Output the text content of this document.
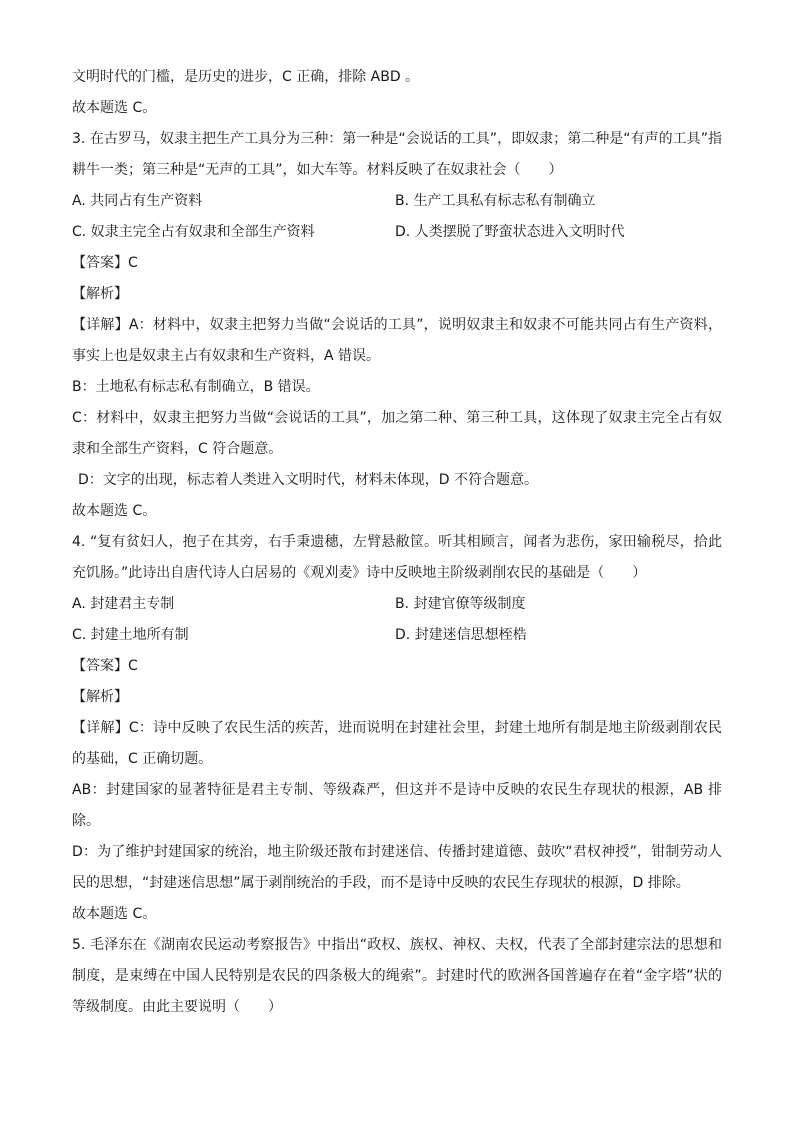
文明时代的门槛，是历史的进步，C 正确，排除 ABD 。
故本题选 C。
3. 在古罗马，奴隶主把生产工具分为三种：第一种是“会说话的工具”，即奴隶；第二种是“有声的工具”指耕牛一类；第三种是“无声的工具”，如大车等。材料反映了在奴隶社会（　　）
A. 共同占有生产资料	B. 生产工具私有标志私有制确立
C. 奴隶主完全占有奴隶和全部生产资料	D. 人类摆脱了野蛮状态进入文明时代
【答案】C
【解析】
【详解】A：材料中，奴隶主把努力当做“会说话的工具”，说明奴隶主和奴隶不可能共同占有生产资料，事实上也是奴隶主占有奴隶和生产资料，A 错误。
B：土地私有标志私有制确立，B 错误。
C：材料中，奴隶主把努力当做“会说话的工具”，加之第二种、第三种工具，这体现了奴隶主完全占有奴隶和全部生产资料，C 符合题意。
D：文字的出现，标志着人类进入文明时代，材料未体现，D 不符合题意。
故本题选 C。
4. “复有贫妇人，抱子在其旁，右手秉遗穗，左臂悬敝筐。听其相顾言，闻者为悲伤，家田输税尽，拾此充饥肠。”此诗出自唐代诗人白居易的《观刈麦》诗中反映地主阶级剥削农民的基础是（　　）
A. 封建君主专制	B. 封建官僚等级制度
C. 封建土地所有制	D. 封建迷信思想桎梏
【答案】C
【解析】
【详解】C：诗中反映了农民生活的疾苦，进而说明在封建社会里，封建土地所有制是地主阶级剥削农民的基础，C 正确切题。
AB：封建国家的显著特征是君主专制、等级森严，但这并不是诗中反映的农民生存现状的根源，AB 排除。
D：为了维护封建国家的统治，地主阶级还散布封建迷信、传播封建道德、鼓吹“君权神授”，钳制劳动人民的思想，“封建迷信思想”属于剥削统治的手段，而不是诗中反映的农民生存现状的根源，D 排除。
故本题选 C。
5. 毛泽东在《湖南农民运动考察报告》中指出“政权、族权、神权、夫权，代表了全部封建宗法的思想和制度，是束缚在中国人民特别是农民的四条极大的绳索”。封建时代的欧洲各国普遍存在着“金字塔”状的等级制度。由此主要说明（　　）
